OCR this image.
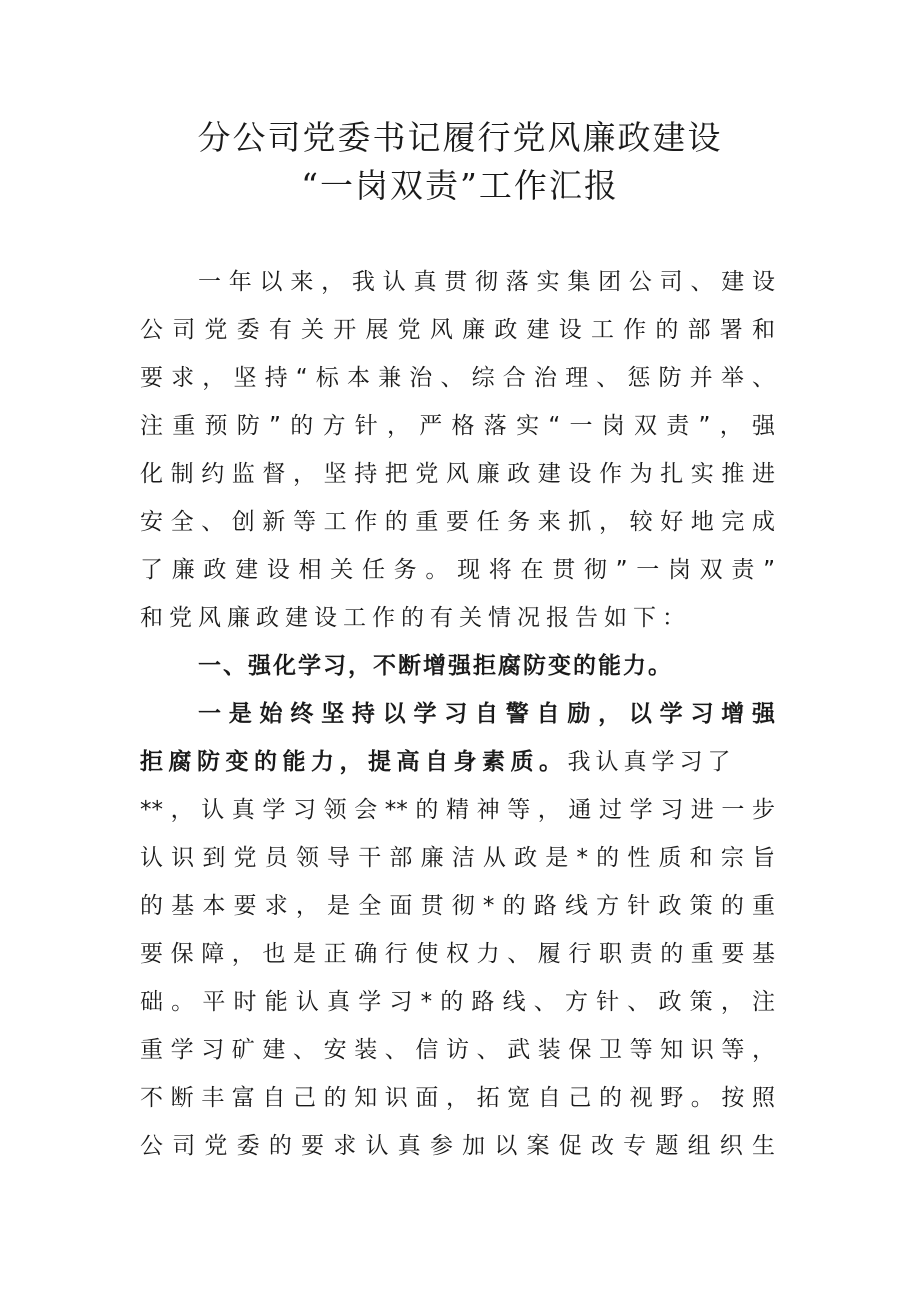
分公司党委书记履行党风廉政建设
“一岗双责”工作汇报

一年以来，我认真贯彻落实集团公司、建设

公司党委有关开展党风廉政建设工作的部署和

要求，坚持“标本兼治、综合治理、惩防并举、

注重预防”的方针，严格落实“一岗双责”，强

化制约监督，坚持把党风廉政建设作为扎实推进

安全、创新等工作的重要任务来抓，较好地完成

了廉政建设相关任务。现将在贯彻”一岗双责”

和党风廉政建设工作的有关情况报告如下：

一、强化学习，不断增强拒腐防变的能力。

一是始终坚持以学习自警自励，以学习增强

拒腐防变的能力，提高自身素质。我认真学习了

**，认真学习领会**的精神等，通过学习进一步

认识到党员领导干部廉洁从政是*的性质和宗旨

的基本要求，是全面贯彻*的路线方针政策的重

要保障，也是正确行使权力、履行职责的重要基

础。平时能认真学习*的路线、方针、政策，注

重学习矿建、安装、信访、武装保卫等知识等，

不断丰富自己的知识面，拓宽自己的视野。按照

公司党委的要求认真参加以案促改专题组织生
